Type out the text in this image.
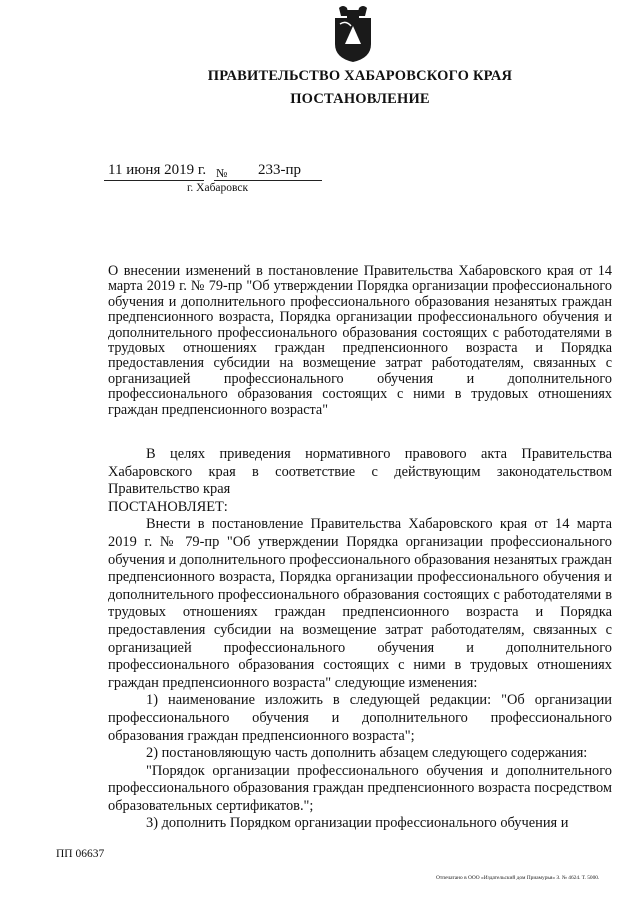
ПРАВИТЕЛЬСТВО ХАБАРОВСКОГО КРАЯ
ПОСТАНОВЛЕНИЕ
11 июня 2019 г. № 233-пр
г. Хабаровск

О внесении изменений в постановление Правительства Хабаровского края от 14 марта 2019 г. № 79-пр "Об утверждении Порядка организации профессионального обучения и дополнительного профессионального образования незанятых граждан предпенсионного возраста, Порядка организации профессионального обучения и дополнительного профессионального образования состоящих с работодателями в трудовых отношениях граждан предпенсионного возраста и Порядка предоставления субсидии на возмещение затрат работодателям, связанных с организацией профессионального обучения и дополнительного профессионального образования состоящих с ними в трудовых отношениях граждан предпенсионного возраста"

В целях приведения нормативного правового акта Правительства Хабаровского края в соответствие с действующим законодательством Правительство края

ПОСТАНОВЛЯЕТ:

Внести в постановление Правительства Хабаровского края от 14 марта 2019 г. № 79-пр "Об утверждении Порядка организации профессионального обучения и дополнительного профессионального образования незанятых граждан предпенсионного возраста, Порядка организации профессионального обучения и дополнительного профессионального образования состоящих с работодателями в трудовых отношениях граждан предпенсионного возраста и Порядка предоставления субсидии на возмещение затрат работодателям, связанных с организацией профессионального обучения и дополнительного профессионального образования состоящих с ними в трудовых отношениях граждан предпенсионного возраста" следующие изменения:

1) наименование изложить в следующей редакции: "Об организации профессионального обучения и дополнительного профессионального образования граждан предпенсионного возраста";

2) постановляющую часть дополнить абзацем следующего содержания:

"Порядок организации профессионального обучения и дополнительного профессионального образования граждан предпенсионного возраста посредством образовательных сертификатов.";

3) дополнить Порядком организации профессионального обучения и

ПП 06637
Отпечатано в ООО «Издательский дом Приамурья» З. № 4624. Т. 5000.
